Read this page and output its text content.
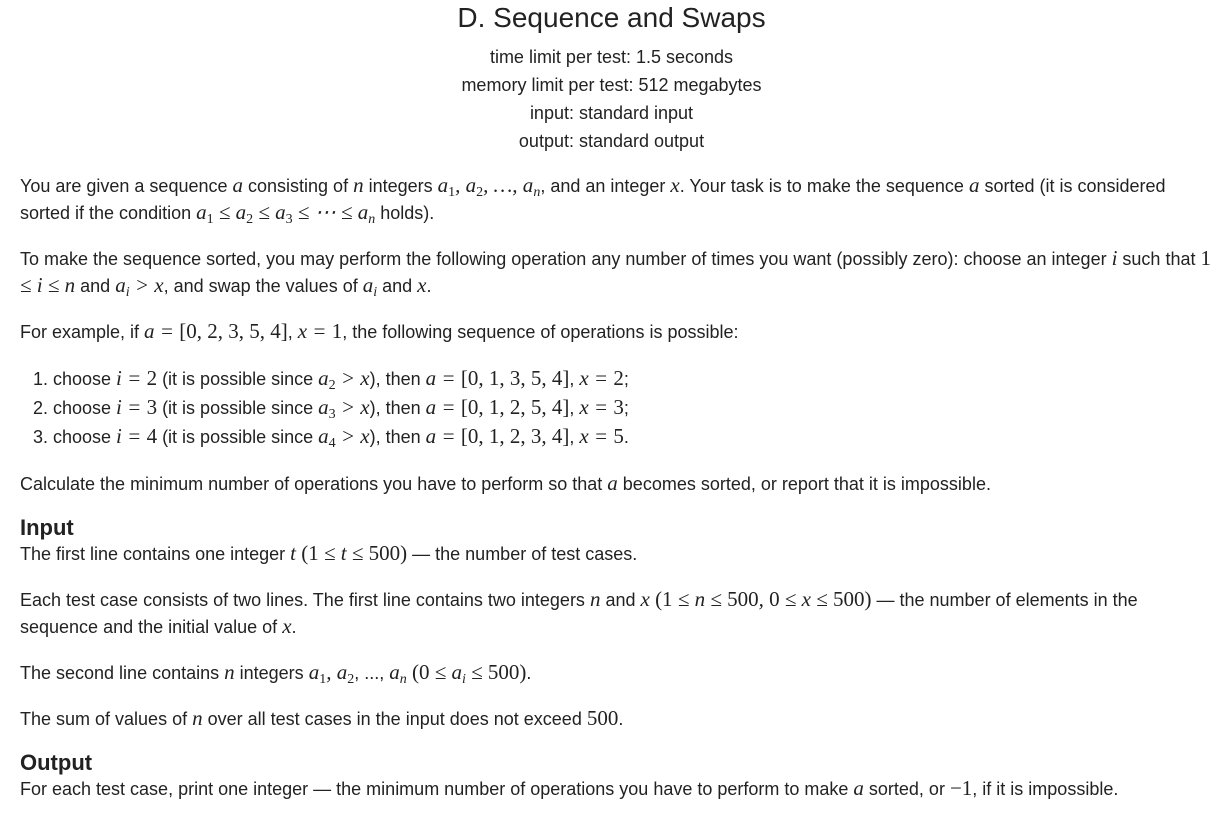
D. Sequence and Swaps
time limit per test: 1.5 seconds
memory limit per test: 512 megabytes
input: standard input
output: standard output

You are given a sequence a consisting of n integers $a_1$, $a_2$, …, $a_n$, and an integer x. Your task is to make the sequence a sorted (it is considered sorted if the condition $a_1 \le a_2 \le a_3$ ≤ ⋯ ≤ $a_n$ holds).

To make the sequence sorted, you may perform the following operation any number of times you want (possibly zero): choose an integer i such that 1 ≤ i ≤ n and $a_i > x$, and swap the values of $a_i$ and x.

For example, if a = [0, 2, 3, 5, 4], x = 1, the following sequence of operations is possible:

1. choose i = 2 (it is possible since $a_2 > x$), then a = [0, 1, 3, 5, 4], x = 2;
2. choose i = 3 (it is possible since $a_3 > x$), then a = [0, 1, 2, 5, 4], x = 3;
3. choose i = 4 (it is possible since $a_4 > x$), then a = [0, 1, 2, 3, 4], x = 5.

Calculate the minimum number of operations you have to perform so that a becomes sorted, or report that it is impossible.

Input

The first line contains one integer t (1 ≤ t ≤ 500) — the number of test cases.

Each test case consists of two lines. The first line contains two integers n and x (1 ≤ n ≤ 500, 0 ≤ x ≤ 500) — the number of elements in the sequence and the initial value of x.

The second line contains n integers $a_1$, $a_2$, ..., $a_n$ $(0 \le a_i \le 500)$.

The sum of values of n over all test cases in the input does not exceed 500.

Output

For each test case, print one integer — the minimum number of operations you have to perform to make a sorted, or −1, if it is impossible.
